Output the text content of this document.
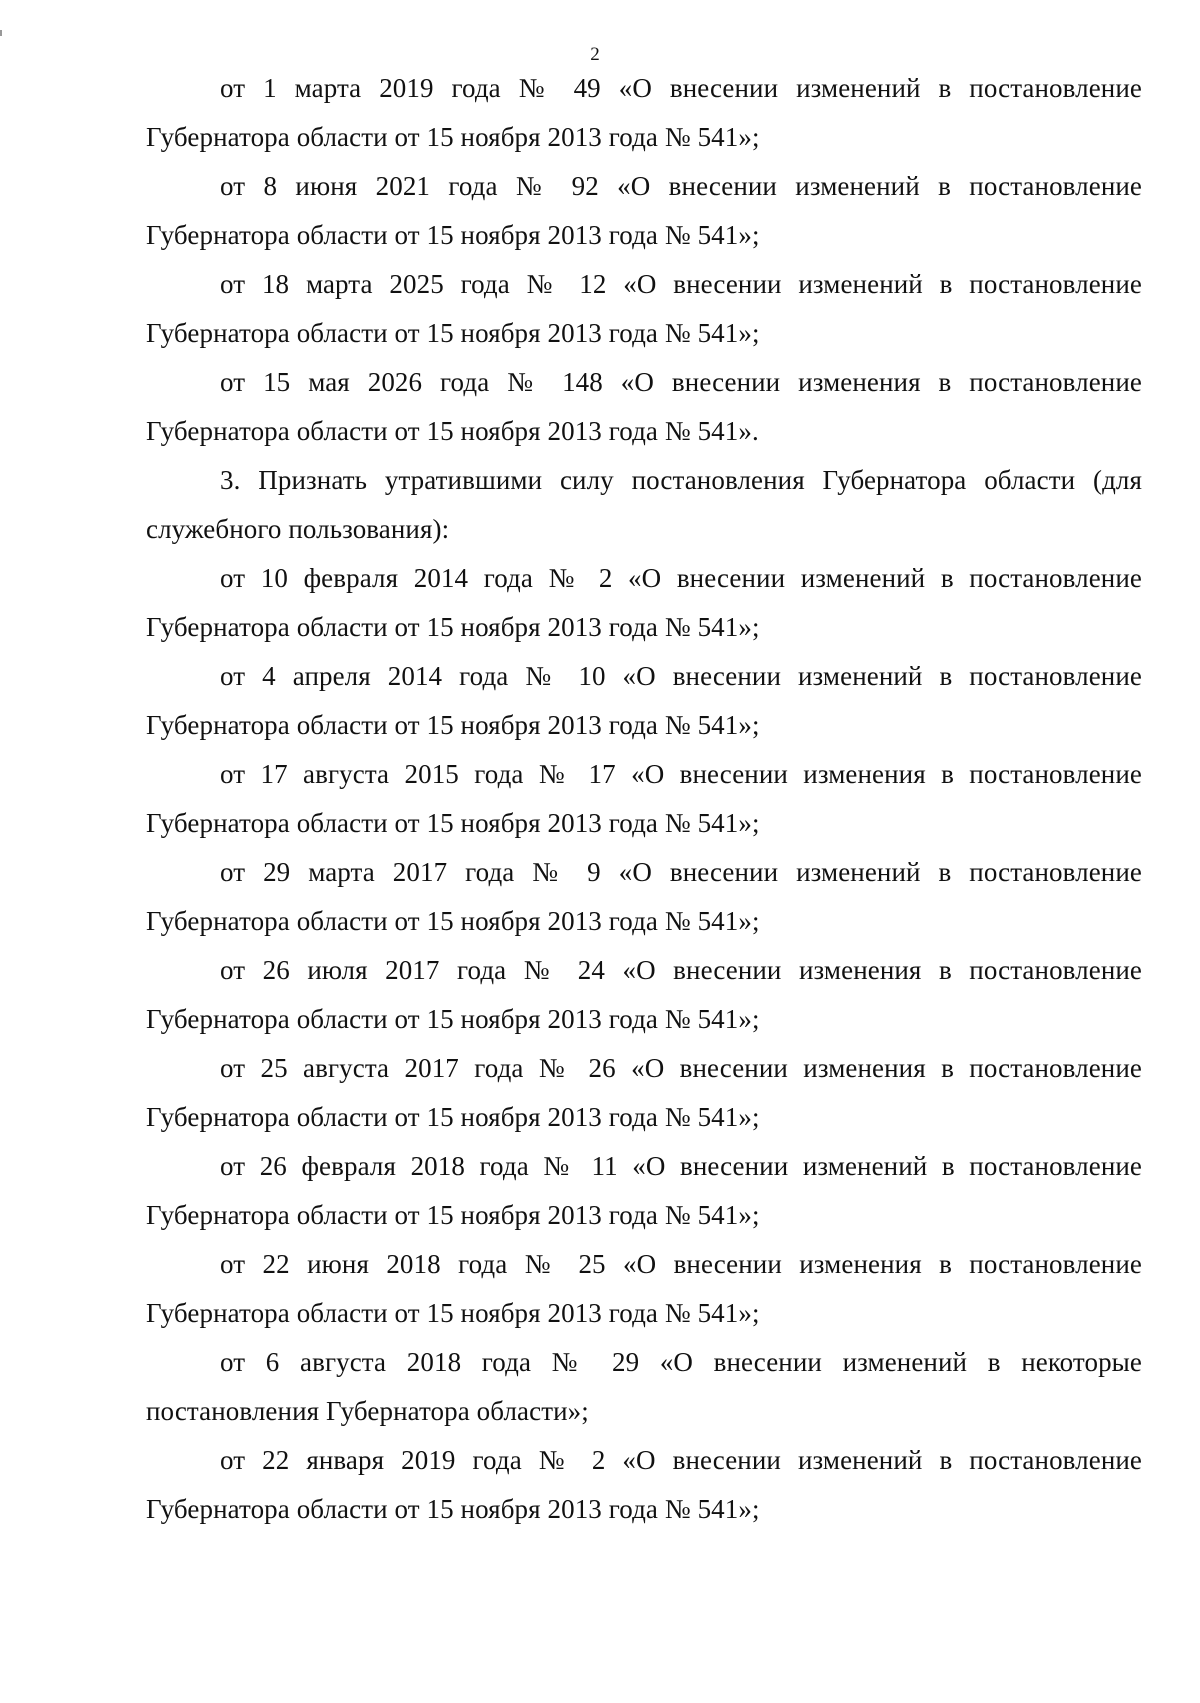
2

от 1 марта 2019 года № 49 «О внесении изменений в постановление Губернатора области от 15 ноября 2013 года № 541»;

от 8 июня 2021 года № 92 «О внесении изменений в постановление Губернатора области от 15 ноября 2013 года № 541»;

от 18 марта 2025 года № 12 «О внесении изменений в постановление Губернатора области от 15 ноября 2013 года № 541»;

от 15 мая 2026 года № 148 «О внесении изменения в постановление Губернатора области от 15 ноября 2013 года № 541».

3. Признать утратившими силу постановления Губернатора области (для служебного пользования):

от 10 февраля 2014 года № 2 «О внесении изменений в постановление Губернатора области от 15 ноября 2013 года № 541»;

от 4 апреля 2014 года № 10 «О внесении изменений в постановление Губернатора области от 15 ноября 2013 года № 541»;

от 17 августа 2015 года № 17 «О внесении изменения в постановление Губернатора области от 15 ноября 2013 года № 541»;

от 29 марта 2017 года № 9 «О внесении изменений в постановление Губернатора области от 15 ноября 2013 года № 541»;

от 26 июля 2017 года № 24 «О внесении изменения в постановление Губернатора области от 15 ноября 2013 года № 541»;

от 25 августа 2017 года № 26 «О внесении изменения в постановление Губернатора области от 15 ноября 2013 года № 541»;

от 26 февраля 2018 года № 11 «О внесении изменений в постановление Губернатора области от 15 ноября 2013 года № 541»;

от 22 июня 2018 года № 25 «О внесении изменения в постановление Губернатора области от 15 ноября 2013 года № 541»;

от 6 августа 2018 года № 29 «О внесении изменений в некоторые постановления Губернатора области»;

от 22 января 2019 года № 2 «О внесении изменений в постановление Губернатора области от 15 ноября 2013 года № 541»;
